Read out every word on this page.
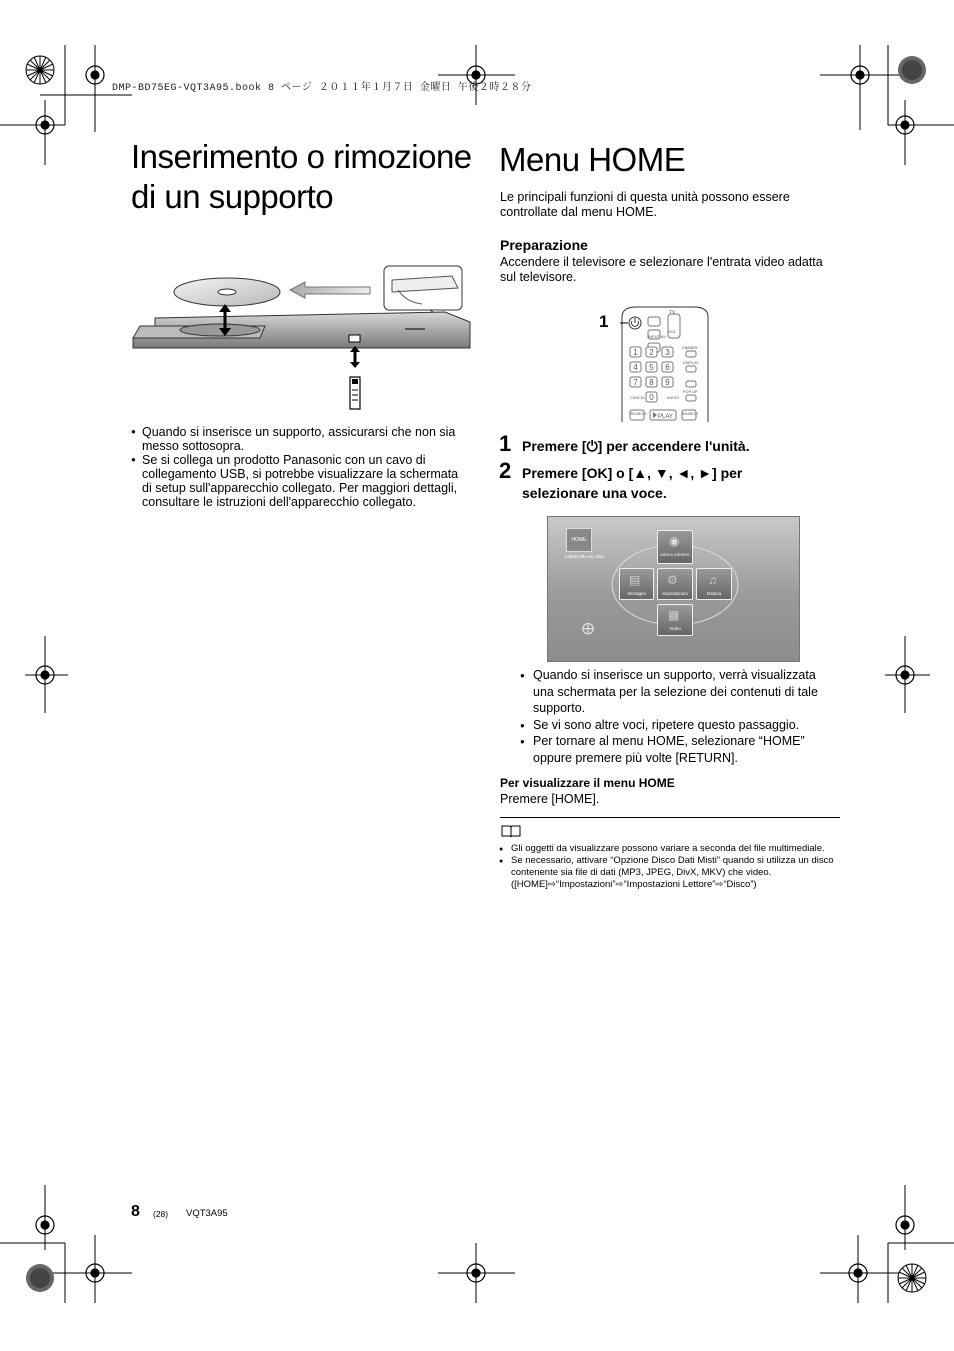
DMP-BD75EG-VQT3A95.book 8 ページ ２０１１年１月７日 金曜日 午後２時２８分
Inserimento o rimozione
di un supporto
● Quando si inserisce un supporto, assicurarsi che non sia messo sottosopra.
● Se si collega un prodotto Panasonic con un cavo di collegamento USB, si potrebbe visualizzare la schermata di setup sull'apparecchio collegato. Per maggiori dettagli, consultare le istruzioni dell'apparecchio collegato.
Menu HOME
Le principali funzioni di questa unità possono essere controllate dal menu HOME.
Preparazione
Accendere il televisore e selezionare l'entrata video adatta sul televisore.
1	TV
VOL
INPUT AV
1 2 3
4 5 6
7 8 9
0
DIMMER
DISPLAY
CANCEL	AUDIO
POP-UP
SEARCH	SEARCH
PLAY
1 Premere [⏻] per accendere l'unità.
2 Premere [OK] o [▲, ▼, ◄, ►] per selezionare una voce.
HOME
Lettore Blu-ray Disc
◉
MEDIA VIEWER
▤
Immagini
⚙
Impostazioni
♫
Musica
▦
Video
⨁
● Quando si inserisce un supporto, verrà visualizzata una schermata per la selezione dei contenuti di tale supporto.
● Se vi sono altre voci, ripetere questo passaggio.
● Per tornare al menu HOME, selezionare “HOME” oppure premere più volte [RETURN].
Per visualizzare il menu HOME
Premere [HOME].
● Gli oggetti da visualizzare possono variare a seconda del file multimediale.
● Se necessario, attivare “Opzione Disco Dati Misti” quando si utilizza un disco contenente sia file di dati (MP3, JPEG, DivX, MKV) che video. ([HOME]⇨“Impostazioni”⇨“Impostazioni Lettore”⇨“Disco”)
8 (28) VQT3A95
